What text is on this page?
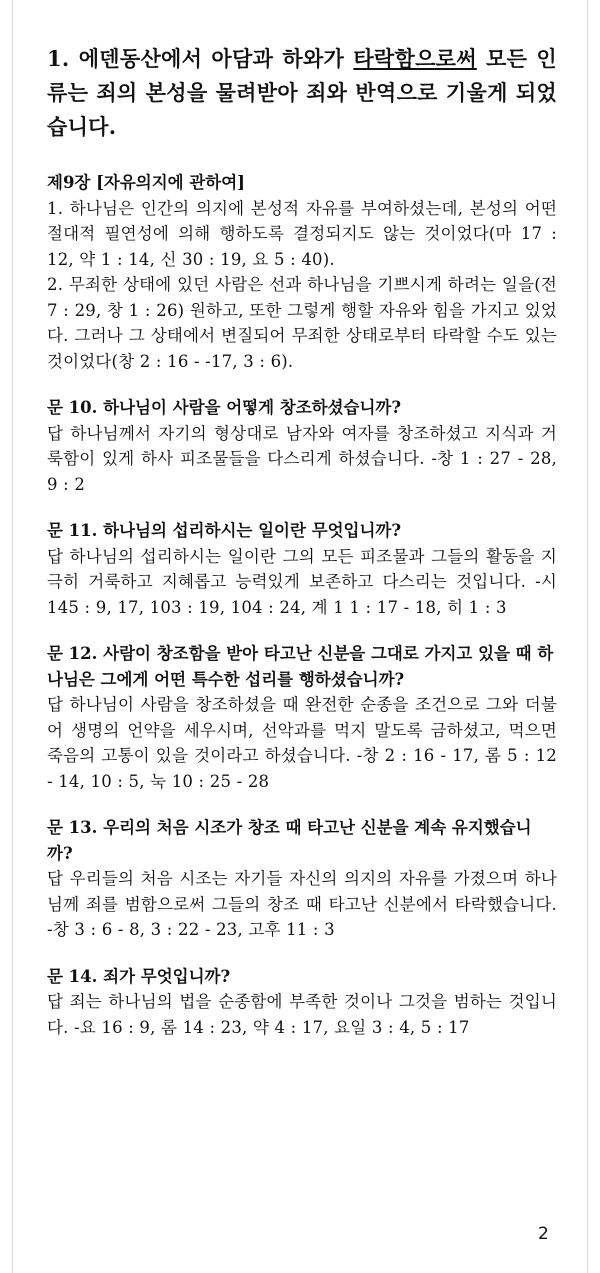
1. 에덴동산에서 아담과 하와가 타락함으로써 모든 인류는 죄의 본성을 물려받아 죄와 반역으로 기울게 되었습니다.

제9장 [자유의지에 관하여]

1. 하나님은 인간의 의지에 본성적 자유를 부여하셨는데, 본성의 어떤 절대적 필연성에 의해 행하도록 결정되지도 않는 것이었다(마 17 : 12, 약 1 : 14, 신 30 : 19, 요 5 : 40).

2. 무죄한 상태에 있던 사람은 선과 하나님을 기쁘시게 하려는 일을(전 7 : 29, 창 1 : 26) 원하고, 또한 그렇게 행할 자유와 힘을 가지고 있었다. 그러나 그 상태에서 변질되어 무죄한 상태로부터 타락할 수도 있는 것이었다(창 2 : 16 - -17, 3 : 6).

문 10. 하나님이 사람을 어떻게 창조하셨습니까?

답 하나님께서 자기의 형상대로 남자와 여자를 창조하셨고 지식과 거룩함이 있게 하사 피조물들을 다스리게 하셨습니다. -창 1 : 27 - 28, 9 : 2

문 11. 하나님의 섭리하시는 일이란 무엇입니까?

답 하나님의 섭리하시는 일이란 그의 모든 피조물과 그들의 활동을 지극히 거룩하고 지혜롭고 능력있게 보존하고 다스리는 것입니다. -시 145 : 9, 17, 103 : 19, 104 : 24, 계 1 1 : 17 - 18, 히 1 : 3

문 12. 사람이 창조함을 받아 타고난 신분을 그대로 가지고 있을 때 하나님은 그에게 어떤 특수한 섭리를 행하셨습니까?

답 하나님이 사람을 창조하셨을 때 완전한 순종을 조건으로 그와 더불어 생명의 언약을 세우시며, 선악과를 먹지 말도록 금하셨고, 먹으면 죽음의 고통이 있을 것이라고 하셨습니다. -창 2 : 16 - 17, 롬 5 : 12 - 14, 10 : 5, 눅 10 : 25 - 28

문 13. 우리의 처음 시조가 창조 때 타고난 신분을 계속 유지했습니까?

답 우리들의 처음 시조는 자기들 자신의 의지의 자유를 가졌으며 하나님께 죄를 범함으로써 그들의 창조 때 타고난 신분에서 타락했습니다. -창 3 : 6 - 8, 3 : 22 - 23, 고후 11 : 3

문 14. 죄가 무엇입니까?

답 죄는 하나님의 법을 순종함에 부족한 것이나 그것을 범하는 것입니다. -요 16 : 9, 롬 14 : 23, 약 4 : 17, 요일 3 : 4, 5 : 17

2
